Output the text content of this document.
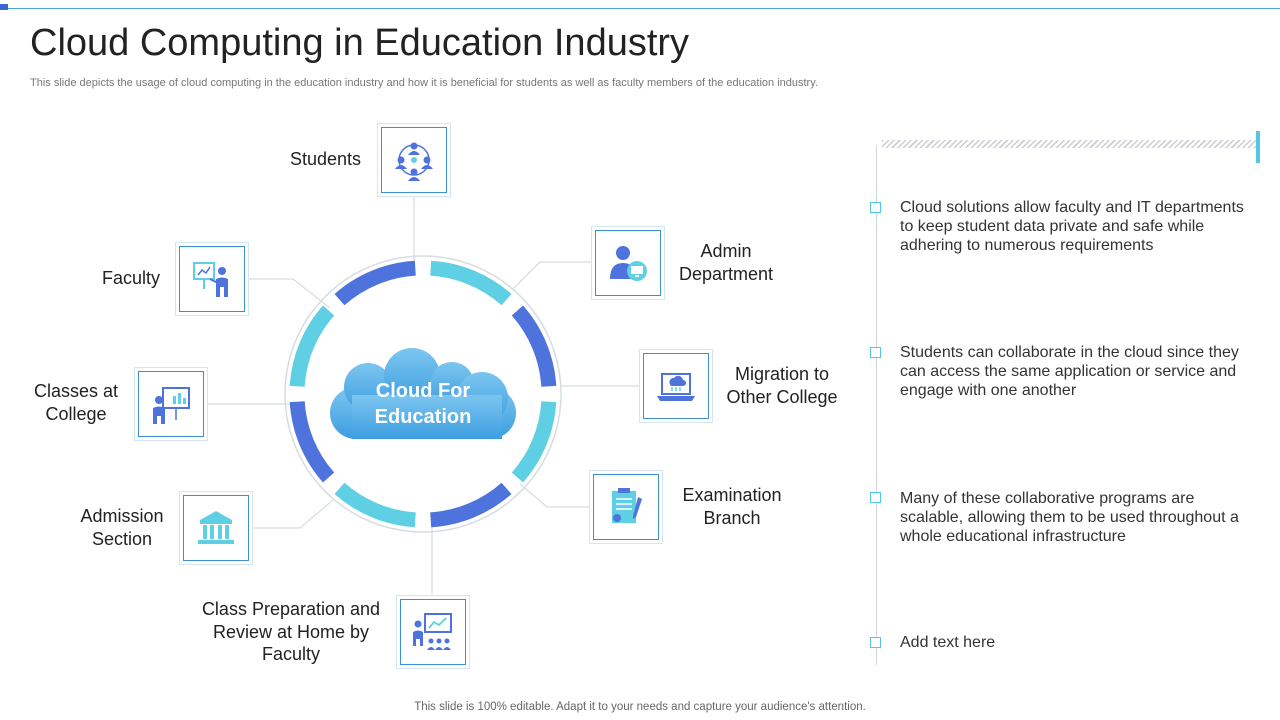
Cloud Computing in Education Industry
This slide depicts the usage of cloud computing in the education industry and how it is beneficial for students as well as faculty members of the education industry.
Cloud For
Education
Students
Faculty
Classes at
College
Admission
Section
Class Preparation and
Review at Home by
Faculty
Admin
Department
Migration to
Other College
Examination
Branch
Cloud solutions allow faculty and IT departments to keep student data private and safe while adhering to numerous requirements
Students can collaborate in the cloud since they can access the same application or service and engage with one another
Many of these collaborative programs are scalable, allowing them to be used throughout a whole educational infrastructure
Add text here
This slide is 100% editable. Adapt it to your needs and capture your audience's attention.
